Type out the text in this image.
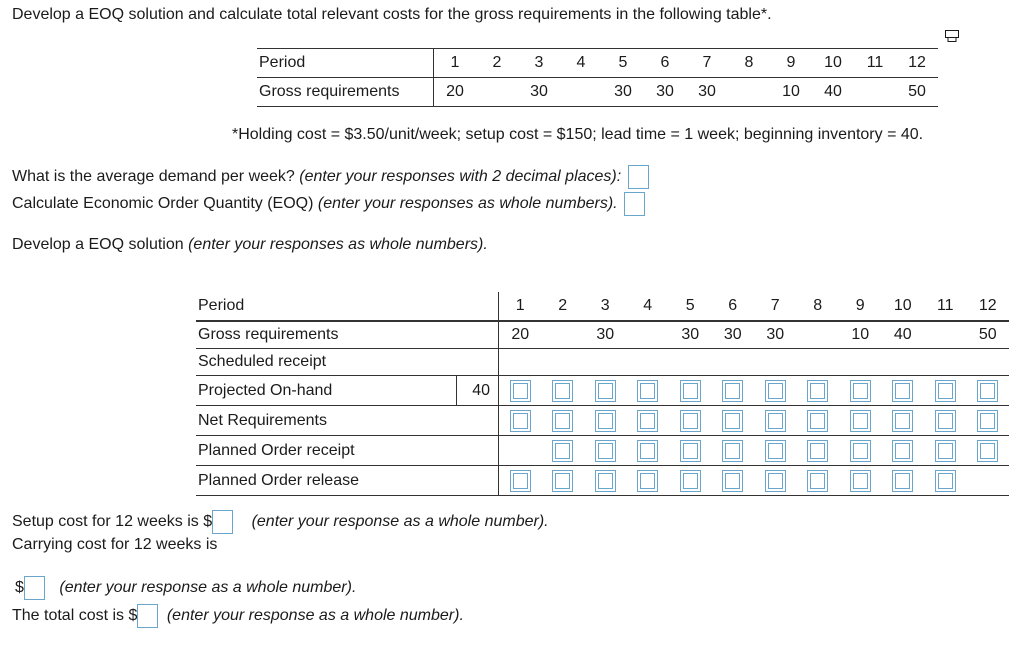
Develop a EOQ solution and calculate total relevant costs for the gross requirements in the following table*.
Period	1	2	3	4	5	6	7	8	9	10	11	12
Gross requirements	20		30		30	30	30		10	40		50
*Holding cost = $3.50/unit/week; setup cost = $150; lead time = 1 week; beginning inventory = 40.
What is the average demand per week? (enter your responses with 2 decimal places):
Calculate Economic Order Quantity (EOQ) (enter your responses as whole numbers).
Develop a EOQ solution (enter your responses as whole numbers).
Period		1	2	3	4	5	6	7	8	9	10	11	12
Gross requirements		20		30		30	30	30		10	40		50
Scheduled receipt													
Projected On-hand	40												
Net Requirements													
Planned Order receipt													
Planned Order release													
Setup cost for 12 weeks is $ (enter your response as a whole number).
Carrying cost for 12 weeks is
$ (enter your response as a whole number).
The total cost is $ (enter your response as a whole number).
